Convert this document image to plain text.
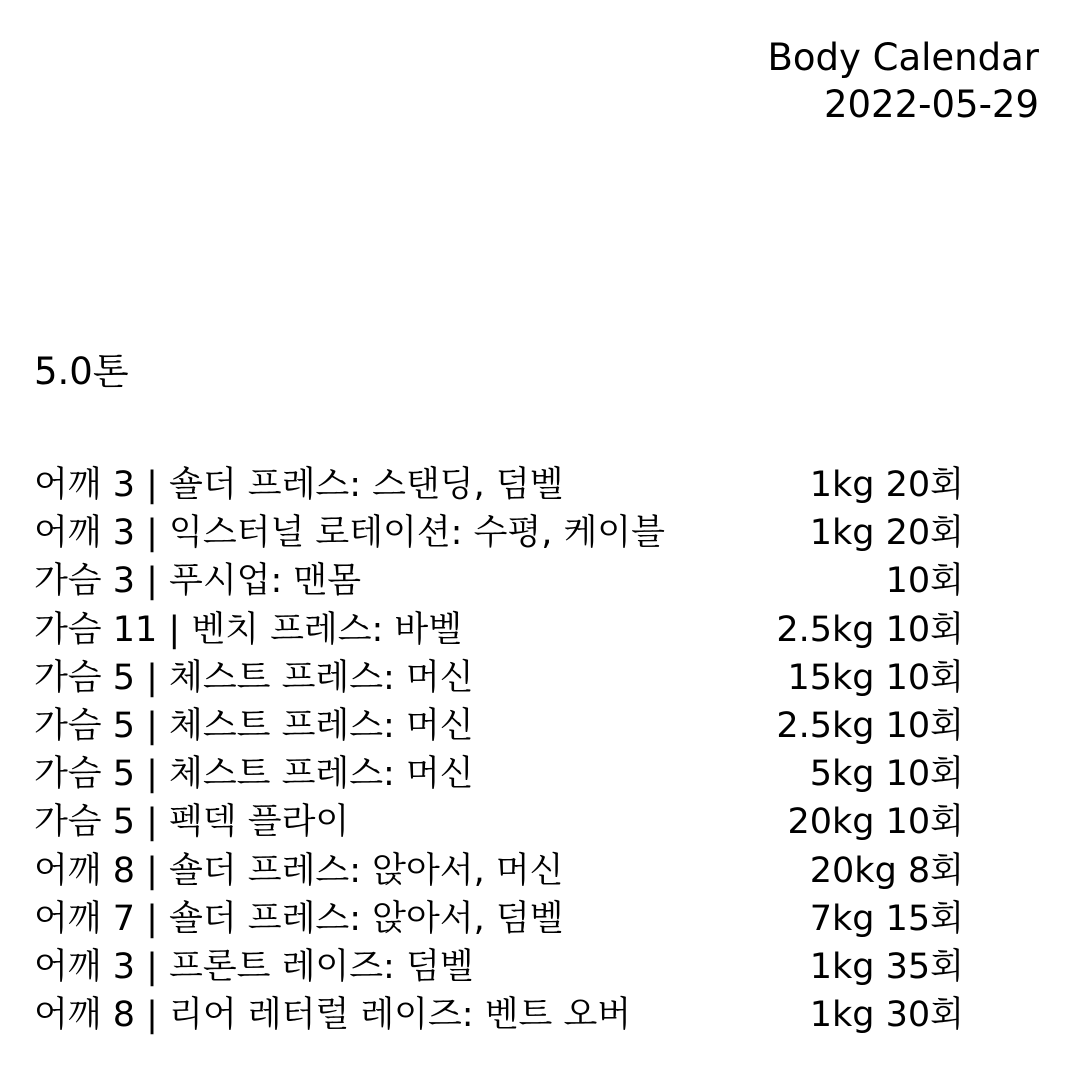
Body Calendar
2022-05-29
5.0톤
어깨 3 | 숄더 프레스: 스탠딩, 덤벨	1kg 20회
어깨 3 | 익스터널 로테이션: 수평, 케이블	1kg 20회
가슴 3 | 푸시업: 맨몸	10회
가슴 11 | 벤치 프레스: 바벨	2.5kg 10회
가슴 5 | 체스트 프레스: 머신	15kg 10회
가슴 5 | 체스트 프레스: 머신	2.5kg 10회
가슴 5 | 체스트 프레스: 머신	5kg 10회
가슴 5 | 펙덱 플라이	20kg 10회
어깨 8 | 숄더 프레스: 앉아서, 머신	20kg 8회
어깨 7 | 숄더 프레스: 앉아서, 덤벨	7kg 15회
어깨 3 | 프론트 레이즈: 덤벨	1kg 35회
어깨 8 | 리어 레터럴 레이즈: 벤트 오버	1kg 30회
